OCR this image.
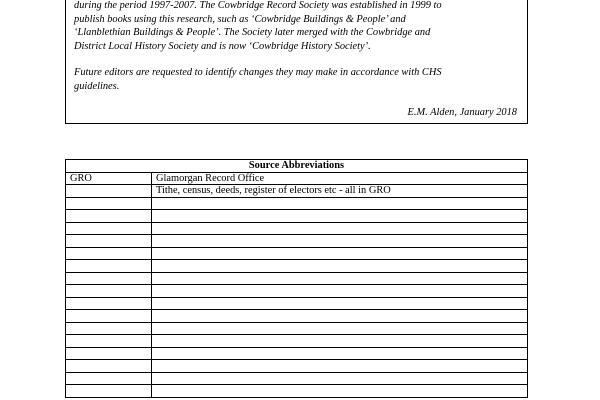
during the period 1997-2007. The Cowbridge Record Society was established in 1999 to
publish books using this research, such as ‘Cowbridge Buildings & People’ and
‘Llanblethian Buildings & People’. The Society later merged with the Cowbridge and
District Local History Society and is now ‘Cowbridge History Society’.

Future editors are requested to identify changes they may make in accordance with CHS
guidelines.

E.M. Alden, January 2018
Source Abbreviations	
GRO	Glamorgan Record Office
	Tithe, census, deeds, register of electors etc - all in GRO
